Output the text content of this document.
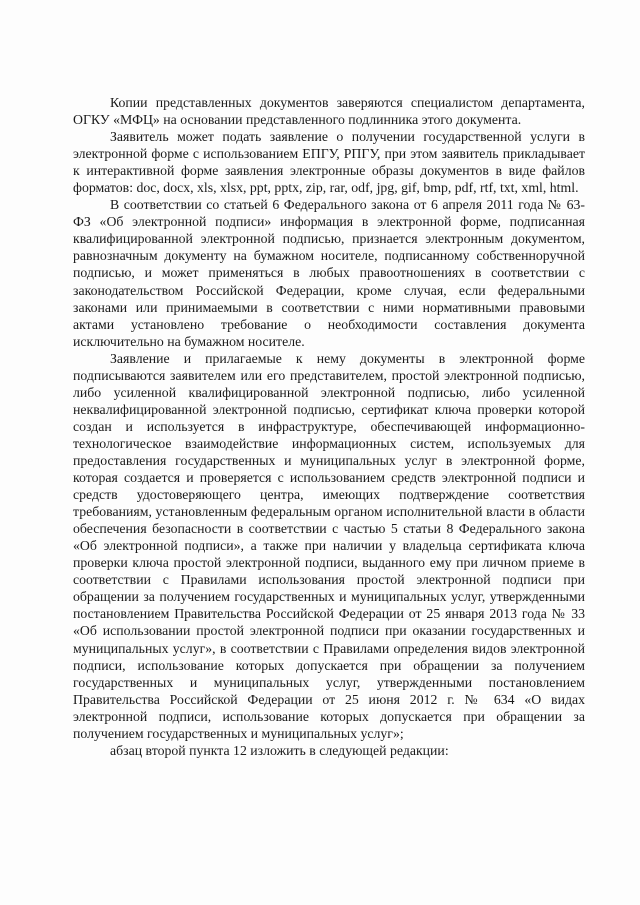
Копии представленных документов заверяются специалистом департамента, ОГКУ «МФЦ» на основании представленного подлинника этого документа.

Заявитель может подать заявление о получении государственной услуги в электронной форме с использованием ЕПГУ, РПГУ, при этом заявитель прикладывает к интерактивной форме заявления электронные образы документов в виде файлов форматов: doc, docx, xls, xlsx, ppt, pptx, zip, rar, odf, jpg, gif, bmp, pdf, rtf, txt, xml, html.

В соответствии со статьей 6 Федерального закона от 6 апреля 2011 года № 63-ФЗ «Об электронной подписи» информация в электронной форме, подписанная квалифицированной электронной подписью, признается электронным документом, равнозначным документу на бумажном носителе, подписанному собственноручной подписью, и может применяться в любых правоотношениях в соответствии с законодательством Российской Федерации, кроме случая, если федеральными законами или принимаемыми в соответствии с ними нормативными правовыми актами установлено требование о необходимости составления документа исключительно на бумажном носителе.

Заявление и прилагаемые к нему документы в электронной форме подписываются заявителем или его представителем, простой электронной подписью, либо усиленной квалифицированной электронной подписью, либо усиленной неквалифицированной электронной подписью, сертификат ключа проверки которой создан и используется в инфраструктуре, обеспечивающей информационно-технологическое взаимодействие информационных систем, используемых для предоставления государственных и муниципальных услуг в электронной форме, которая создается и проверяется с использованием средств электронной подписи и средств удостоверяющего центра, имеющих подтверждение соответствия требованиям, установленным федеральным органом исполнительной власти в области обеспечения безопасности в соответствии с частью 5 статьи 8 Федерального закона «Об электронной подписи», а также при наличии у владельца сертификата ключа проверки ключа простой электронной подписи, выданного ему при личном приеме в соответствии с Правилами использования простой электронной подписи при обращении за получением государственных и муниципальных услуг, утвержденными постановлением Правительства Российской Федерации от 25 января 2013 года № 33 «Об использовании простой электронной подписи при оказании государственных и муниципальных услуг», в соответствии с Правилами определения видов электронной подписи, использование которых допускается при обращении за получением государственных и муниципальных услуг, утвержденными постановлением Правительства Российской Федерации от 25 июня 2012 г. № 634 «О видах электронной подписи, использование которых допускается при обращении за получением государственных и муниципальных услуг»;

абзац второй пункта 12 изложить в следующей редакции:
